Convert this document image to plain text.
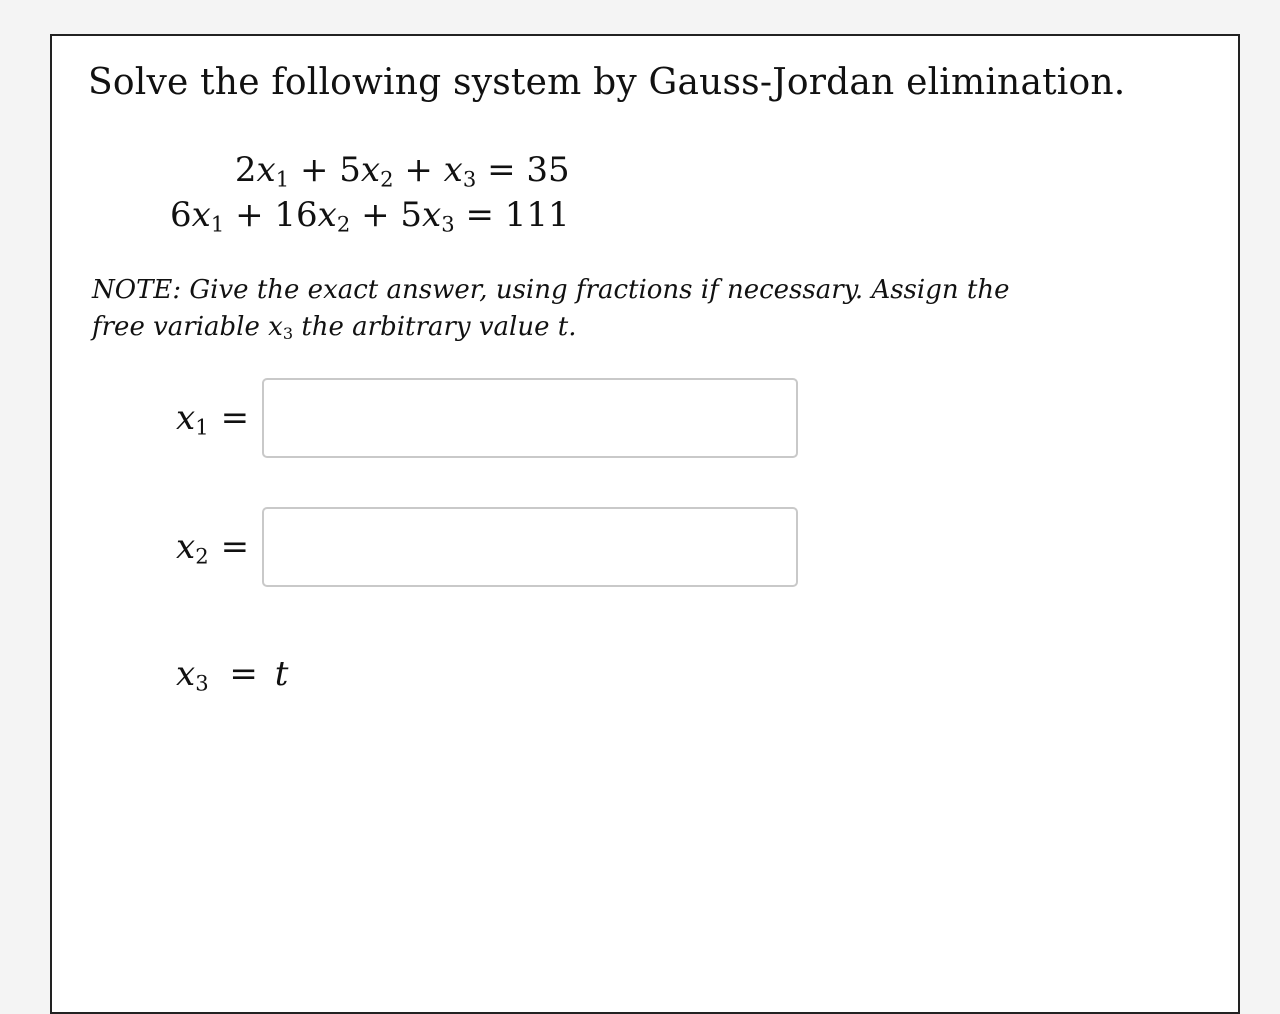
Solve the following system by Gauss-Jordan elimination.
$2x_1 + 5x_2 + x_3 = 35$
$6x_1 + 16x_2 + 5x_3 = 111$
NOTE: Give the exact answer, using fractions if necessary. Assign the free variable $x_3$ the arbitrary value t.
$x_1$ =
$x_2$ =
$x_3 = t$
